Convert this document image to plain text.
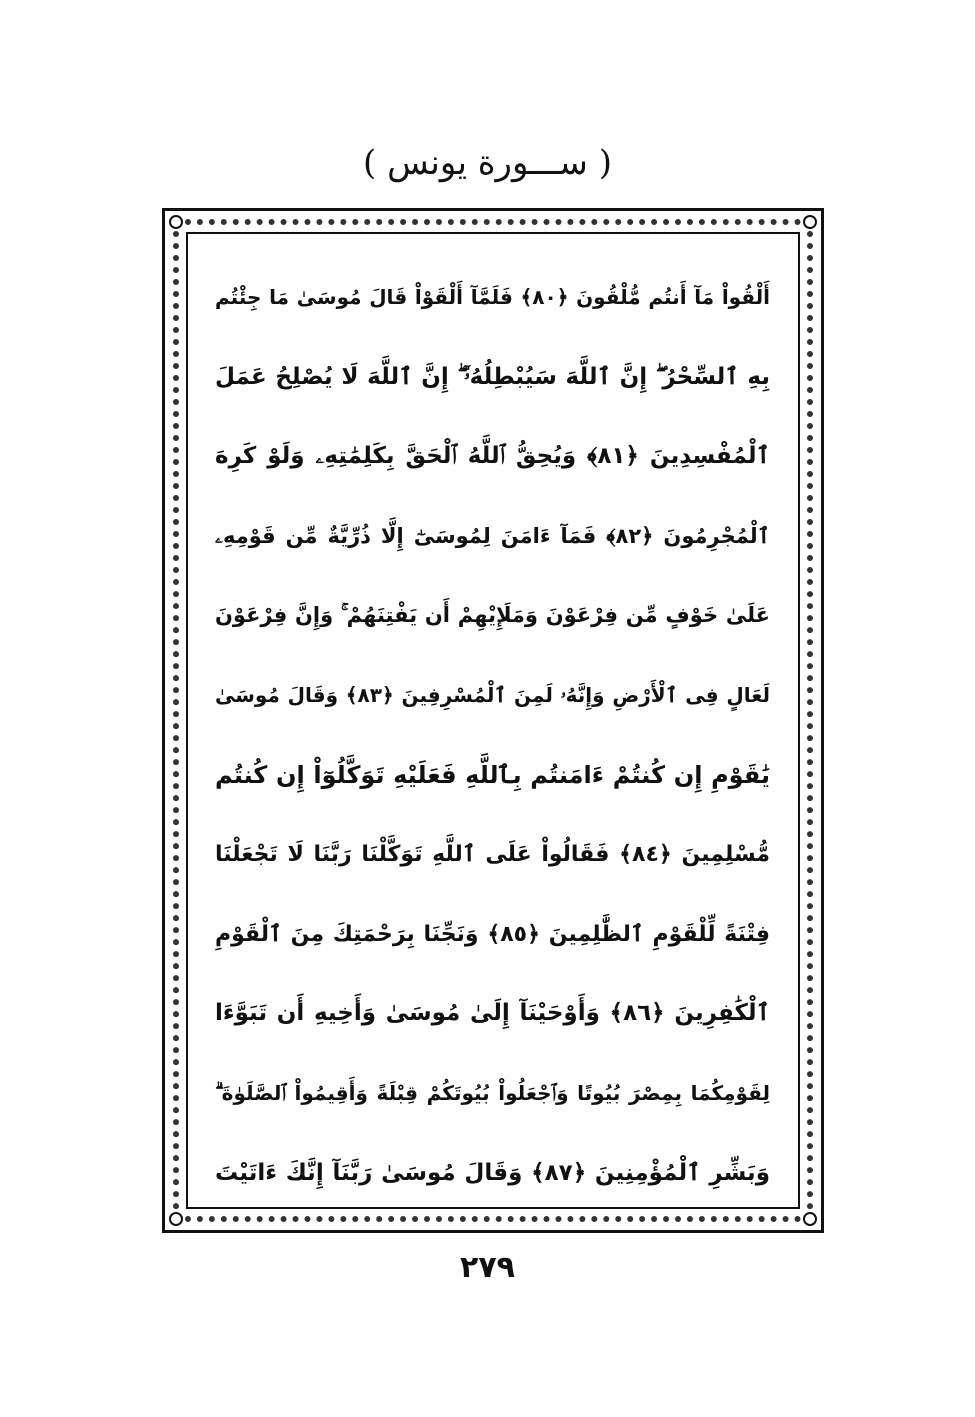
( ســـورة يونس )
أَلْقُواْ مَآ أَنتُم مُّلْقُونَ ﴿٨٠﴾ فَلَمَّآ أَلْقَوْاْ قَالَ مُوسَىٰ مَا جِئْتُم
بِهِ ٱلسِّحْرُ ۖ إِنَّ ٱللَّهَ سَيُبْطِلُهُۥٓ ۖ إِنَّ ٱللَّهَ لَا يُصْلِحُ عَمَلَ
ٱلْمُفْسِدِينَ ﴿٨١﴾ وَيُحِقُّ ٱللَّهُ ٱلْحَقَّ بِكَلِمَٰتِهِۦ وَلَوْ كَرِهَ
ٱلْمُجْرِمُونَ ﴿٨٢﴾ فَمَآ ءَامَنَ لِمُوسَىٰٓ إِلَّا ذُرِّيَّةٌ مِّن قَوْمِهِۦ
عَلَىٰ خَوْفٍ مِّن فِرْعَوْنَ وَمَلَإِيْهِمْ أَن يَفْتِنَهُمْ ۚ وَإِنَّ فِرْعَوْنَ
لَعَالٍ فِى ٱلْأَرْضِ وَإِنَّهُۥ لَمِنَ ٱلْمُسْرِفِينَ ﴿٨٣﴾ وَقَالَ مُوسَىٰ
يَٰقَوْمِ إِن كُنتُمْ ءَامَنتُم بِٱللَّهِ فَعَلَيْهِ تَوَكَّلُوٓاْ إِن كُنتُم
مُّسْلِمِينَ ﴿٨٤﴾ فَقَالُواْ عَلَى ٱللَّهِ تَوَكَّلْنَا رَبَّنَا لَا تَجْعَلْنَا
فِتْنَةً لِّلْقَوْمِ ٱلظَّٰلِمِينَ ﴿٨٥﴾ وَنَجِّنَا بِرَحْمَتِكَ مِنَ ٱلْقَوْمِ
ٱلْكَٰفِرِينَ ﴿٨٦﴾ وَأَوْحَيْنَآ إِلَىٰ مُوسَىٰ وَأَخِيهِ أَن تَبَوَّءَا
لِقَوْمِكُمَا بِمِصْرَ بُيُوتًا وَٱجْعَلُواْ بُيُوتَكُمْ قِبْلَةً وَأَقِيمُواْ ٱلصَّلَوٰةَ ۗ
وَبَشِّرِ ٱلْمُؤْمِنِينَ ﴿٨٧﴾ وَقَالَ مُوسَىٰ رَبَّنَآ إِنَّكَ ءَاتَيْتَ
٢٧٩
